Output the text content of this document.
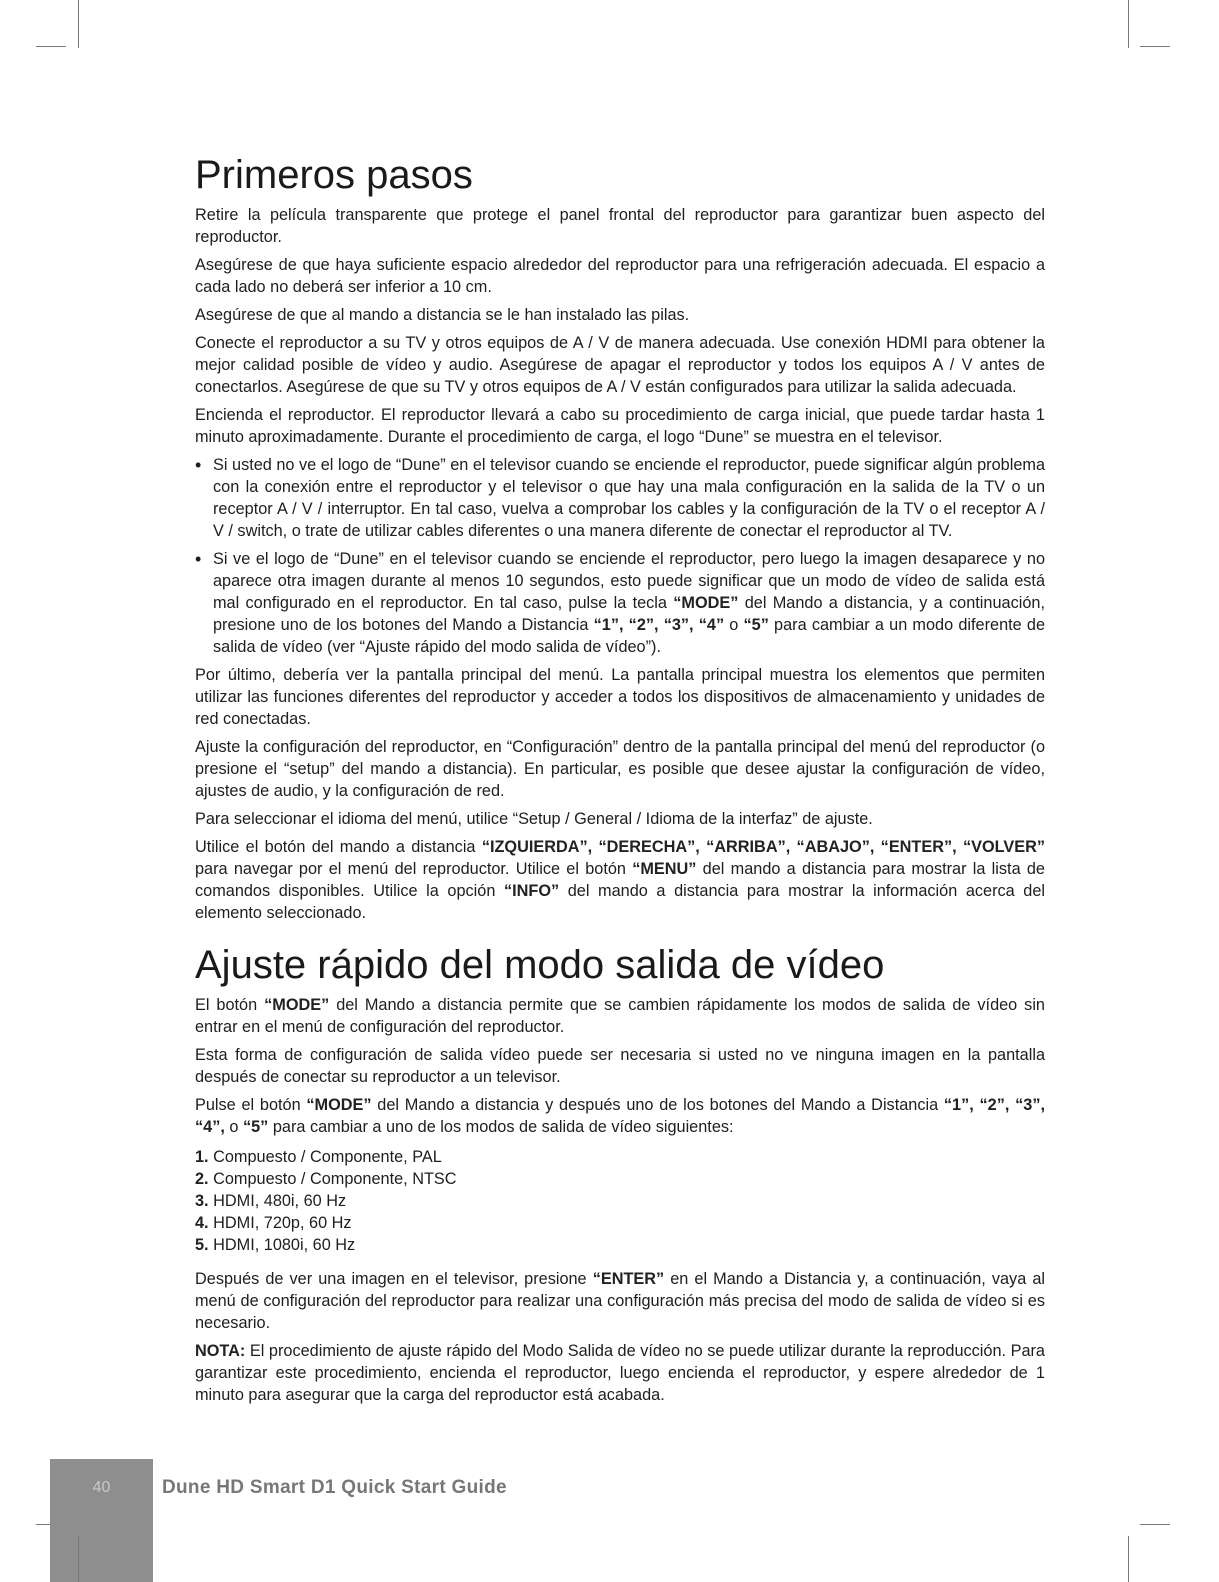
Primeros pasos

Retire la película transparente que protege el panel frontal del reproductor para garantizar buen aspecto del reproductor.

Asegúrese de que haya suficiente espacio alrededor del reproductor para una refrigeración adecuada. El espacio a cada lado no deberá ser inferior a 10 cm.

Asegúrese de que al mando a distancia se le han instalado las pilas.

Conecte el reproductor a su TV y otros equipos de A / V de manera adecuada. Use conexión HDMI para obtener la mejor calidad posible de vídeo y audio. Asegúrese de apagar el reproductor y todos los equipos A / V antes de conectarlos. Asegúrese de que su TV y otros equipos de A / V están configurados para utilizar la salida adecuada.

Encienda el reproductor. El reproductor llevará a cabo su procedimiento de carga inicial, que puede tardar hasta 1 minuto aproximadamente. Durante el procedimiento de carga, el logo “Dune” se muestra en el televisor.

• Si usted no ve el logo de “Dune” en el televisor cuando se enciende el reproductor, puede significar algún problema con la conexión entre el reproductor y el televisor o que hay una mala configuración en la salida de la TV o un receptor A / V / interruptor. En tal caso, vuelva a comprobar los cables y la configuración de la TV o el receptor A / V / switch, o trate de utilizar cables diferentes o una manera diferente de conectar el reproductor al TV.
• Si ve el logo de “Dune” en el televisor cuando se enciende el reproductor, pero luego la imagen desaparece y no aparece otra imagen durante al menos 10 segundos, esto puede significar que un modo de vídeo de salida está mal configurado en el reproductor. En tal caso, pulse la tecla “MODE” del Mando a distancia, y a continuación, presione uno de los botones del Mando a Distancia “1”, “2”, “3”, “4” o “5” para cambiar a un modo diferente de salida de vídeo (ver “Ajuste rápido del modo salida de vídeo”).

Por último, debería ver la pantalla principal del menú. La pantalla principal muestra los elementos que permiten utilizar las funciones diferentes del reproductor y acceder a todos los dispositivos de almacenamiento y unidades de red conectadas.

Ajuste la configuración del reproductor, en “Configuración” dentro de la pantalla principal del menú del reproductor (o presione el “setup” del mando a distancia). En particular, es posible que desee ajustar la configuración de vídeo, ajustes de audio, y la configuración de red.

Para seleccionar el idioma del menú, utilice “Setup / General / Idioma de la interfaz” de ajuste.

Utilice el botón del mando a distancia “IZQUIERDA”, “DERECHA”, “ARRIBA”, “ABAJO”, “ENTER”, “VOLVER” para navegar por el menú del reproductor. Utilice el botón “MENU” del mando a distancia para mostrar la lista de comandos disponibles. Utilice la opción “INFO” del mando a distancia para mostrar la información acerca del elemento seleccionado.

Ajuste rápido del modo salida de vídeo

El botón “MODE” del Mando a distancia permite que se cambien rápidamente los modos de salida de vídeo sin entrar en el menú de configuración del reproductor.

Esta forma de configuración de salida vídeo puede ser necesaria si usted no ve ninguna imagen en la pantalla después de conectar su reproductor a un televisor.

Pulse el botón “MODE” del Mando a distancia y después uno de los botones del Mando a Distancia “1”, “2”, “3”, “4”, o “5” para cambiar a uno de los modos de salida de vídeo siguientes:

1. Compuesto / Componente, PAL
2. Compuesto / Componente, NTSC
3. HDMI, 480i, 60 Hz
4. HDMI, 720p, 60 Hz
5. HDMI, 1080i, 60 Hz

Después de ver una imagen en el televisor, presione “ENTER” en el Mando a Distancia y, a continuación, vaya al menú de configuración del reproductor para realizar una configuración más precisa del modo de salida de vídeo si es necesario.

NOTA: El procedimiento de ajuste rápido del Modo Salida de vídeo no se puede utilizar durante la reproducción. Para garantizar este procedimiento, encienda el reproductor, luego encienda el reproductor, y espere alrededor de 1 minuto para asegurar que la carga del reproductor está acabada.

40	Dune HD Smart D1 Quick Start Guide
